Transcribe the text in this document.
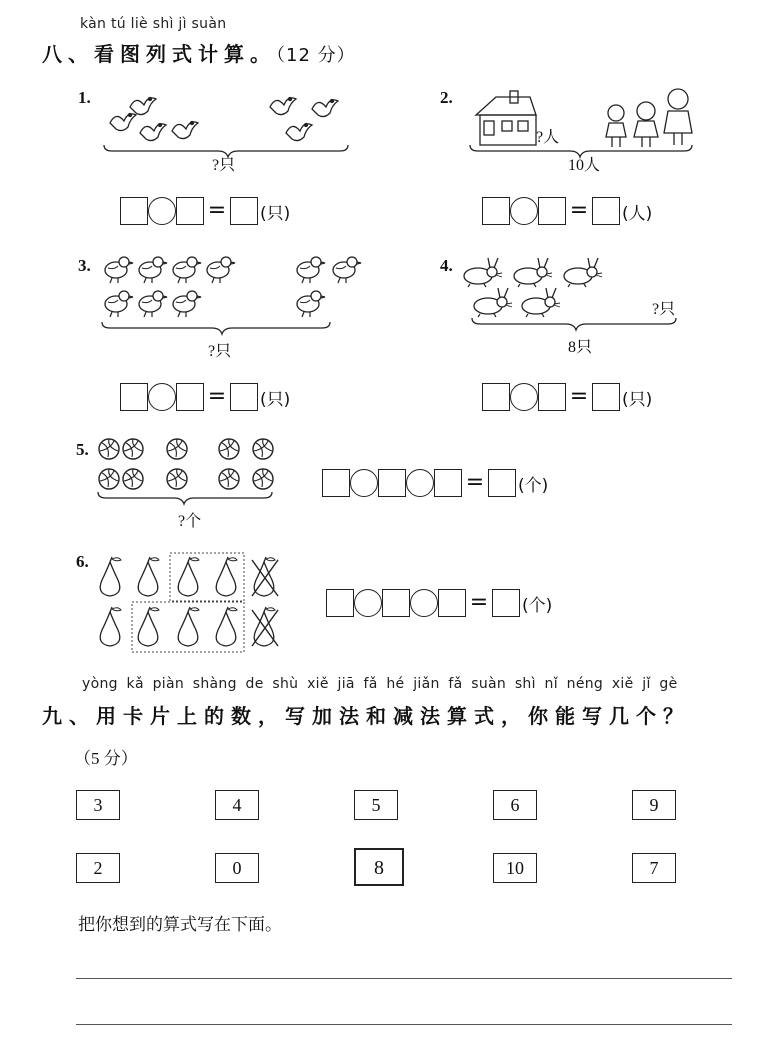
kàn tú liè shì jì suàn
八、看图列式计算。（12 分）
1.
?只
= (只)
2.
?人
10人
= (人)
3.
?只
= (只)
4.
?只
8只
= (只)
5.
?个
= (个)
6.
= (个)
yòng kǎ piàn shàng de shù xiě jiā fǎ hé jiǎn fǎ suàn shì nǐ néng xiě jǐ gè
九、用卡片上的数，写加法和减法算式，你能写几个？
（5 分）
3	4	5	6	9
2	0	8	10	7
把你想到的算式写在下面。
